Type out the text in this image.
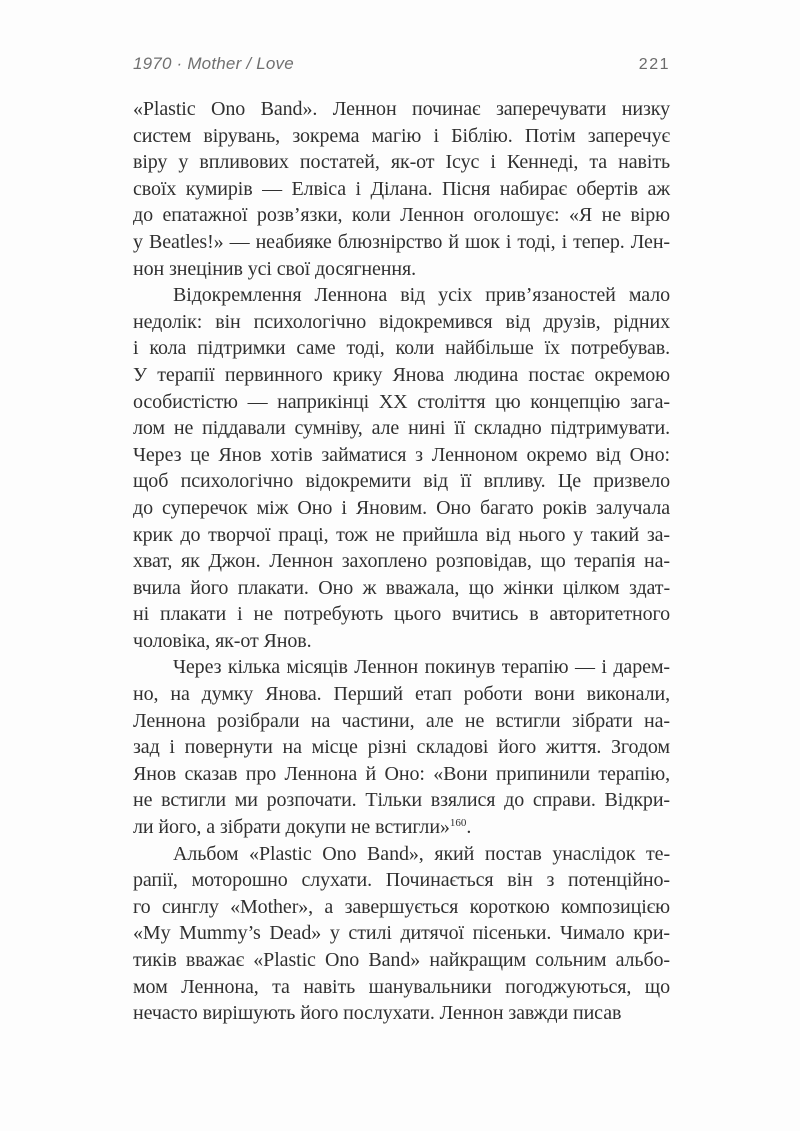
1970 · Mother / Love	221
«Plastic Ono Band». Леннон починає заперечувати низку
систем вірувань, зокрема магію і Біблію. Потім заперечує
віру у впливових постатей, як-от Ісус і Кеннеді, та навіть
своїх кумирів — Елвіса і Ділана. Пісня набирає обертів аж
до епатажної розв’язки, коли Леннон оголошує: «Я не вірю
у Beatles!» — неабияке блюзнірство й шок і тоді, і тепер. Лен-
нон знецінив усі свої досягнення.
Відокремлення Леннона від усіх прив’язаностей мало
недолік: він психологічно відокремився від друзів, рідних
і кола підтримки саме тоді, коли найбільше їх потребував.
У терапії первинного крику Янова людина постає окремою
особистістю — наприкінці XX століття цю концепцію зага-
лом не піддавали сумніву, але нині її складно підтримувати.
Через це Янов хотів займатися з Ленноном окремо від Оно:
щоб психологічно відокремити від її впливу. Це призвело
до суперечок між Оно і Яновим. Оно багато років залучала
крик до творчої праці, тож не прийшла від нього у такий за-
хват, як Джон. Леннон захоплено розповідав, що терапія на-
вчила його плакати. Оно ж вважала, що жінки цілком здат-
ні плакати і не потребують цього вчитись в авторитетного
чоловіка, як-от Янов.
Через кілька місяців Леннон покинув терапію — і дарем-
но, на думку Янова. Перший етап роботи вони виконали,
Леннона розібрали на частини, але не встигли зібрати на-
зад і повернути на місце різні складові його життя. Згодом
Янов сказав про Леннона й Оно: «Вони припинили терапію,
не встигли ми розпочати. Тільки взялися до справи. Відкри-
ли його, а зібрати докупи не встигли»$^{160}$.
Альбом «Plastic Ono Band», який постав унаслідок те-
рапії, моторошно слухати. Починається він з потенційно-
го синглу «Mother», а завершується короткою композицією
«My Mummy’s Dead» у стилі дитячої пісеньки. Чимало кри-
тиків вважає «Plastic Ono Band» найкращим сольним альбо-
мом Леннона, та навіть шанувальники погоджуються, що
нечасто вирішують його послухати. Леннон завжди писав
